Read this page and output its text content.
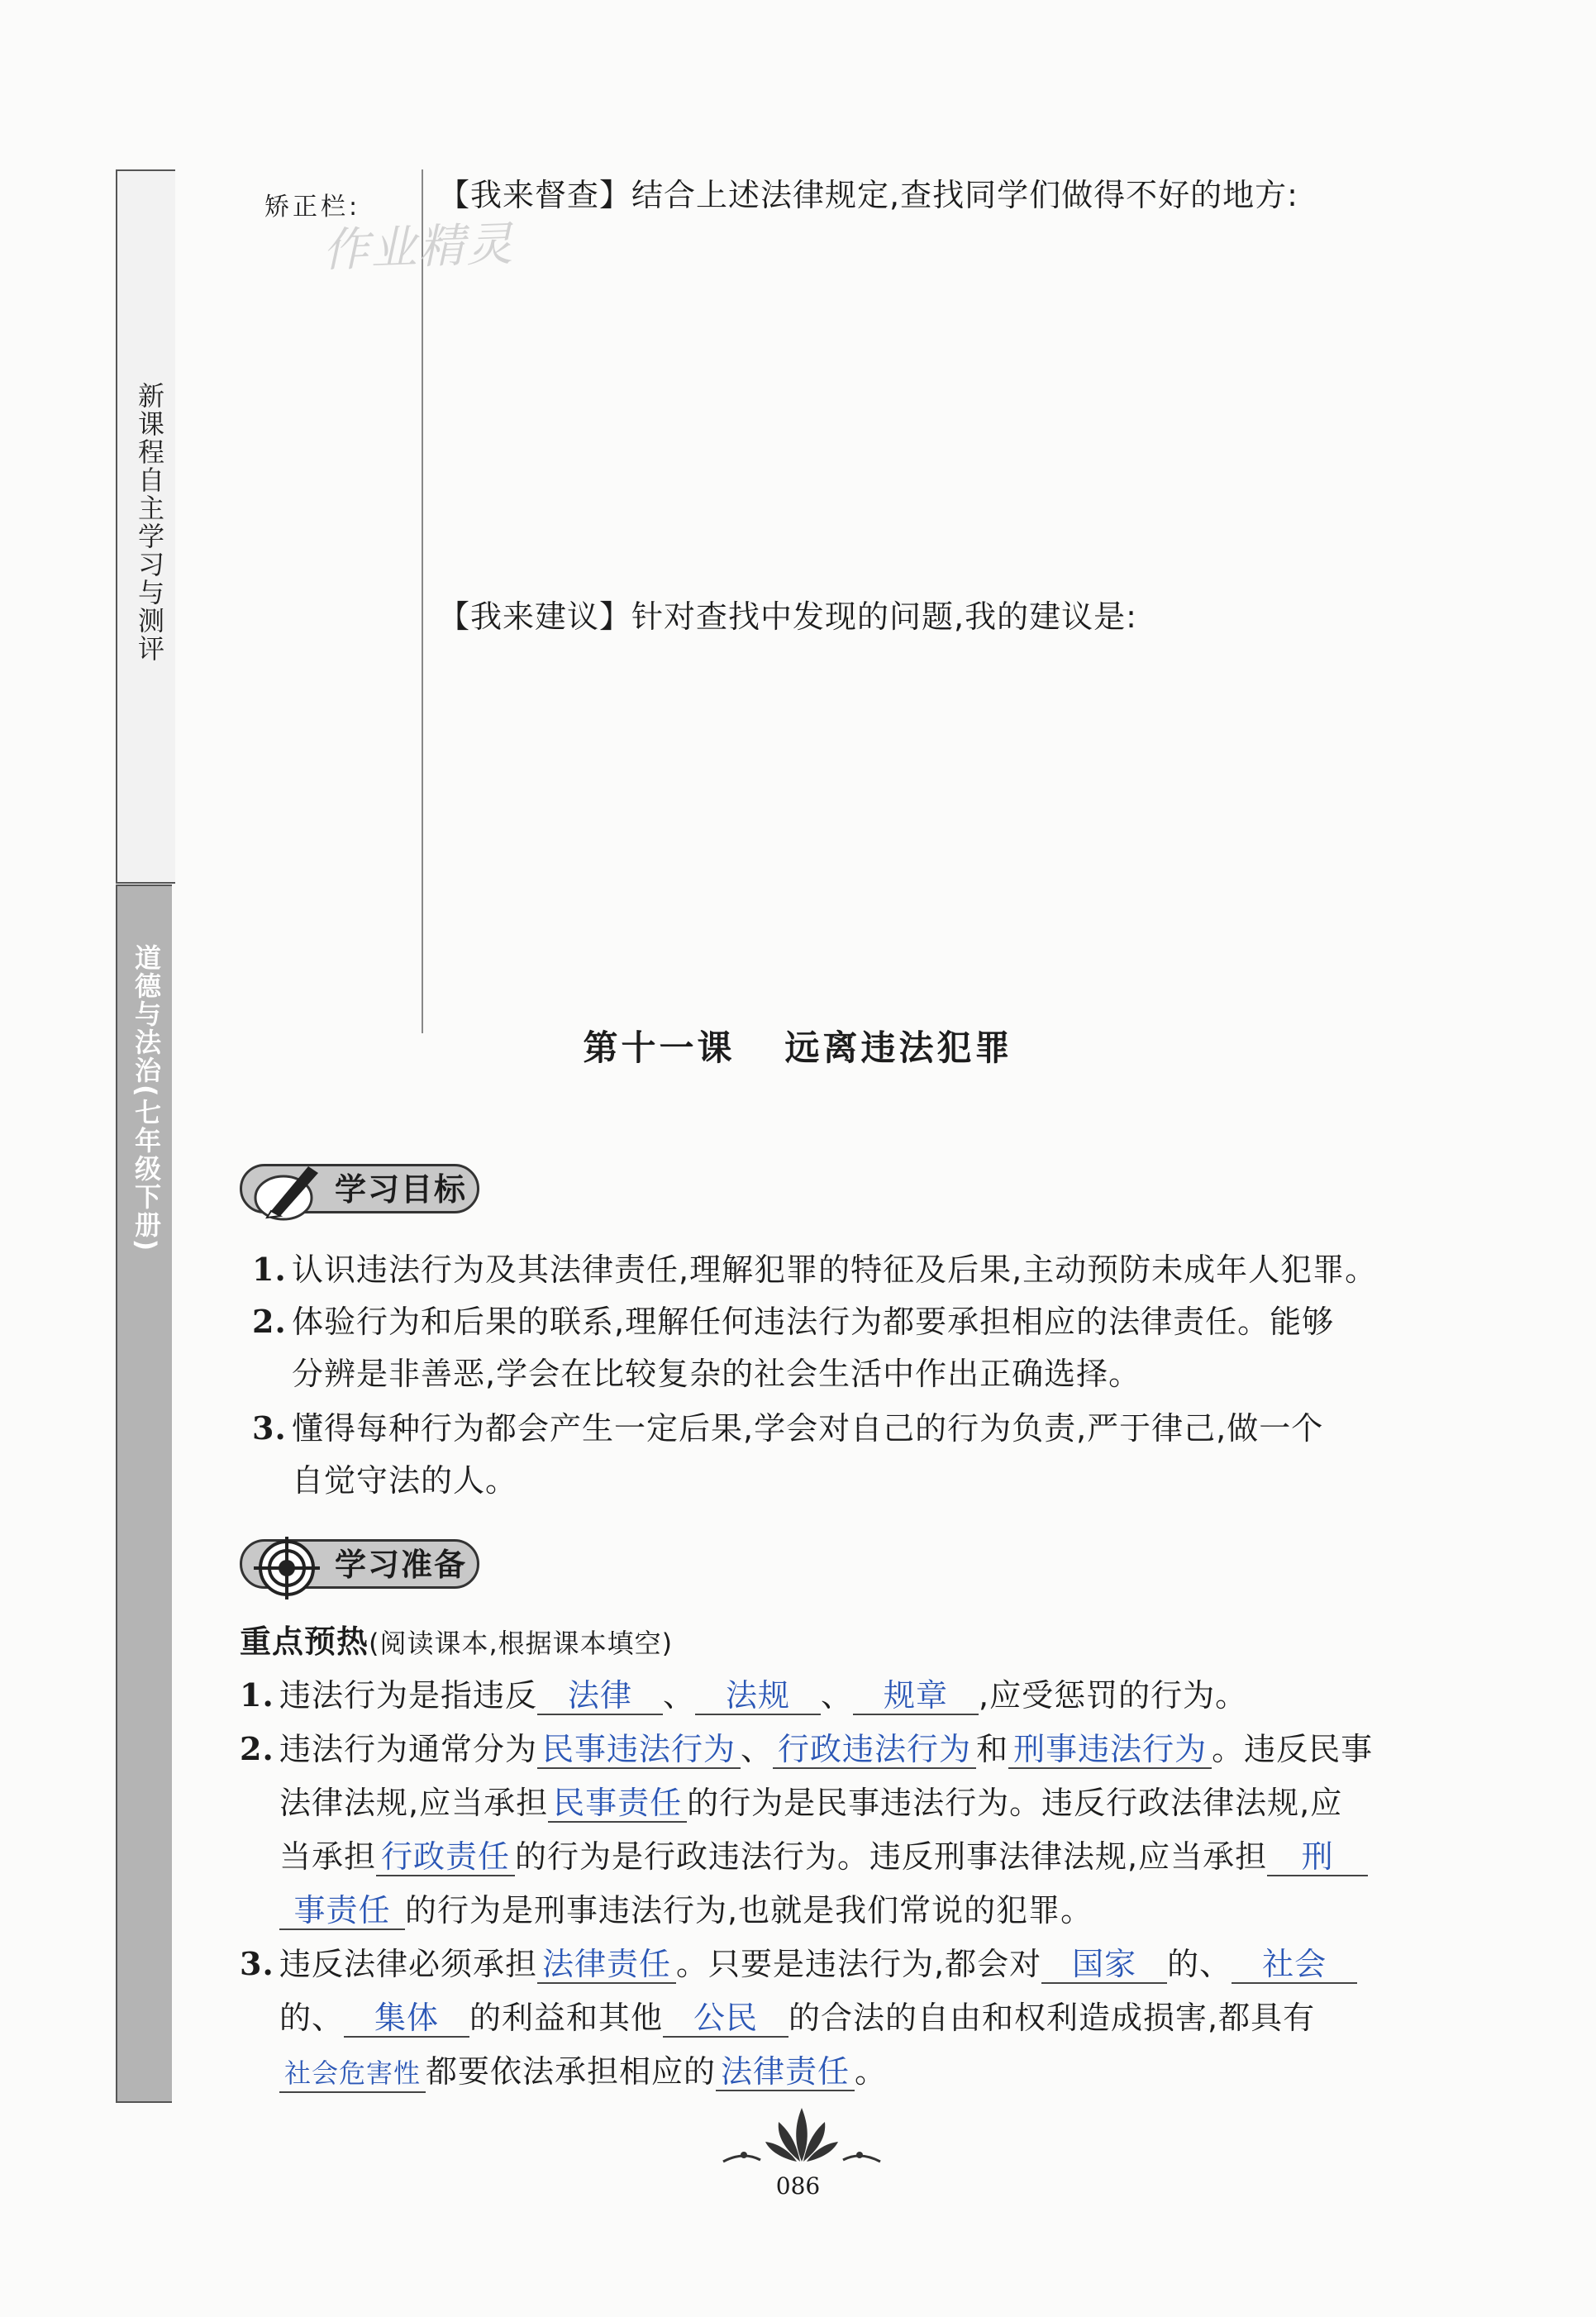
新课程自主学习与测评
道德与法治(七年级下册)
矫正栏:
作业精灵
【我来督查】结合上述法律规定,查找同学们做得不好的地方:
【我来建议】针对查找中发现的问题,我的建议是:
第十一课 远离违法犯罪
学习目标
1. 认识违法行为及其法律责任,理解犯罪的特征及后果,主动预防未成年人犯罪。
2. 体验行为和后果的联系,理解任何违法行为都要承担相应的法律责任。能够
分辨是非善恶,学会在比较复杂的社会生活中作出正确选择。
3. 懂得每种行为都会产生一定后果,学会对自己的行为负责,严于律己,做一个
自觉守法的人。
学习准备
重点预热(阅读课本,根据课本填空)
1. 违法行为是指违反 法律 、 法规 、 规章 ,应受惩罚的行为。
2. 违法行为通常分为 民事违法行为 、 行政违法行为 和 刑事违法行为 。违反民事
法律法规,应当承担 民事责任 的行为是民事违法行为。违反行政法律法规,应
当承担 行政责任 的行为是行政违法行为。违反刑事法律法规,应当承担 刑
事责任 的行为是刑事违法行为,也就是我们常说的犯罪。
3. 违反法律必须承担 法律责任 。只要是违法行为,都会对 国家 的、 社会
的、 集体 的利益和其他 公民 的合法的自由和权利造成损害,都具有
社会危害性 都要依法承担相应的 法律责任 。
086
